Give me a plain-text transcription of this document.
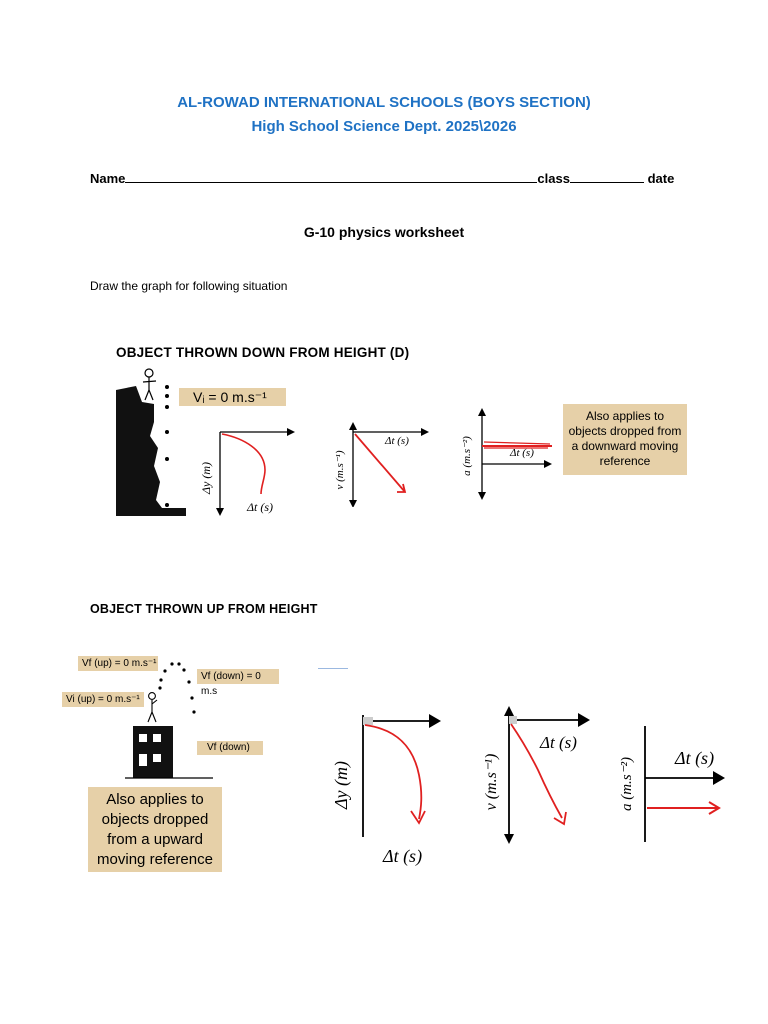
AL-ROWAD INTERNATIONAL SCHOOLS (BOYS SECTION)
High School Science Dept. 2025\2026
Name	class	date
G-10 physics worksheet
Draw the graph for following situation
OBJECT THROWN DOWN FROM HEIGHT (D)
Vᵢ = 0 m.s⁻¹
Δy (m)
Δt (s)
v (m.s⁻¹)
Δt (s)	a (m.s⁻²)	Δt (s)
Also applies to objects dropped from a downward moving reference
OBJECT THROWN UP FROM HEIGHT
Vf (up) = 0 m.s⁻¹
Vf (down) = 0 m.s
Vi (up) = 0 m.s⁻¹
Vf (down)
Also applies to objects dropped from a upward moving reference
Δy (m)
Δt (s)
v (m.s⁻¹)
Δt (s)
a (m.s⁻²) Δt (s)
